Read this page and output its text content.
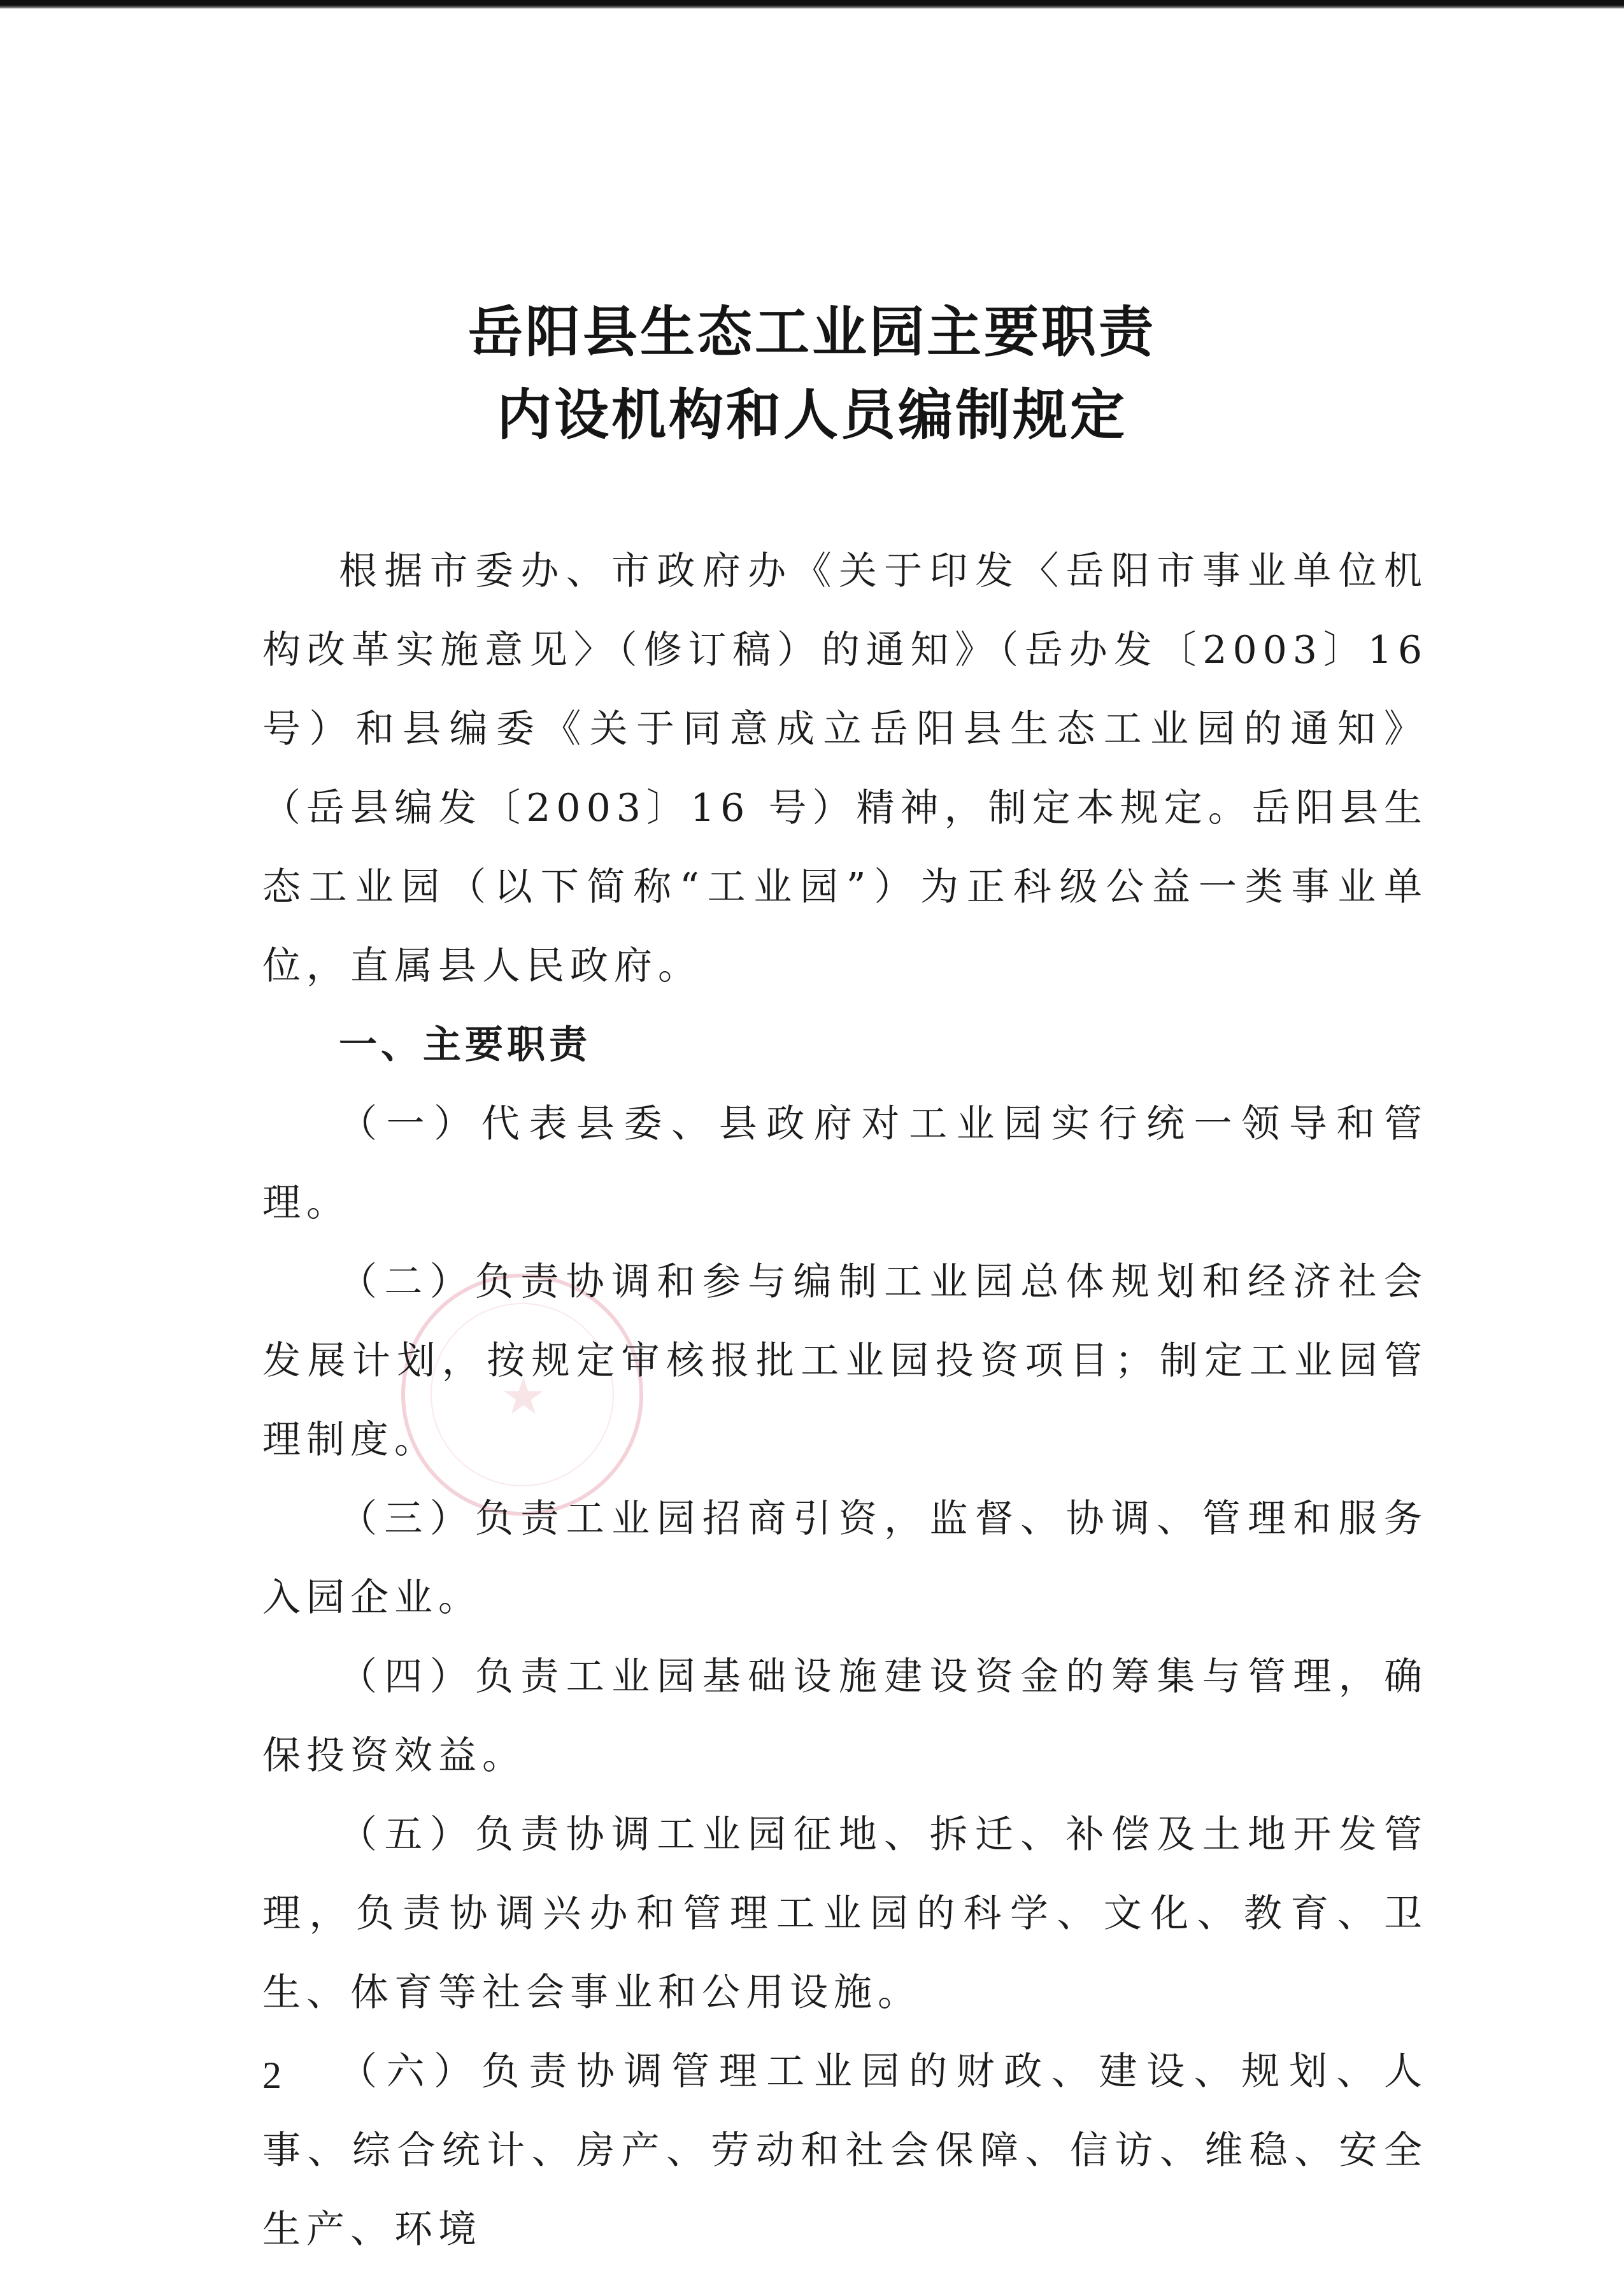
★
岳阳县生态工业园主要职责
内设机构和人员编制规定

根据市委办、市政府办《关于印发〈岳阳市事业单位机构改革实施意见〉（修订稿）的通知》（岳办发〔2003〕16 号）和县编委《关于同意成立岳阳县生态工业园的通知》（岳县编发〔2003〕16 号）精神，制定本规定。岳阳县生态工业园（以下简称“工业园”）为正科级公益一类事业单位，直属县人民政府。

一、主要职责

（一）代表县委、县政府对工业园实行统一领导和管理。

（二）负责协调和参与编制工业园总体规划和经济社会发展计划，按规定审核报批工业园投资项目；制定工业园管理制度。

（三）负责工业园招商引资，监督、协调、管理和服务入园企业。

（四）负责工业园基础设施建设资金的筹集与管理，确保投资效益。

（五）负责协调工业园征地、拆迁、补偿及土地开发管理，负责协调兴办和管理工业园的科学、文化、教育、卫生、体育等社会事业和公用设施。

（六）负责协调管理工业园的财政、建设、规划、人事、综合统计、房产、劳动和社会保障、信访、维稳、安全生产、环境

2
